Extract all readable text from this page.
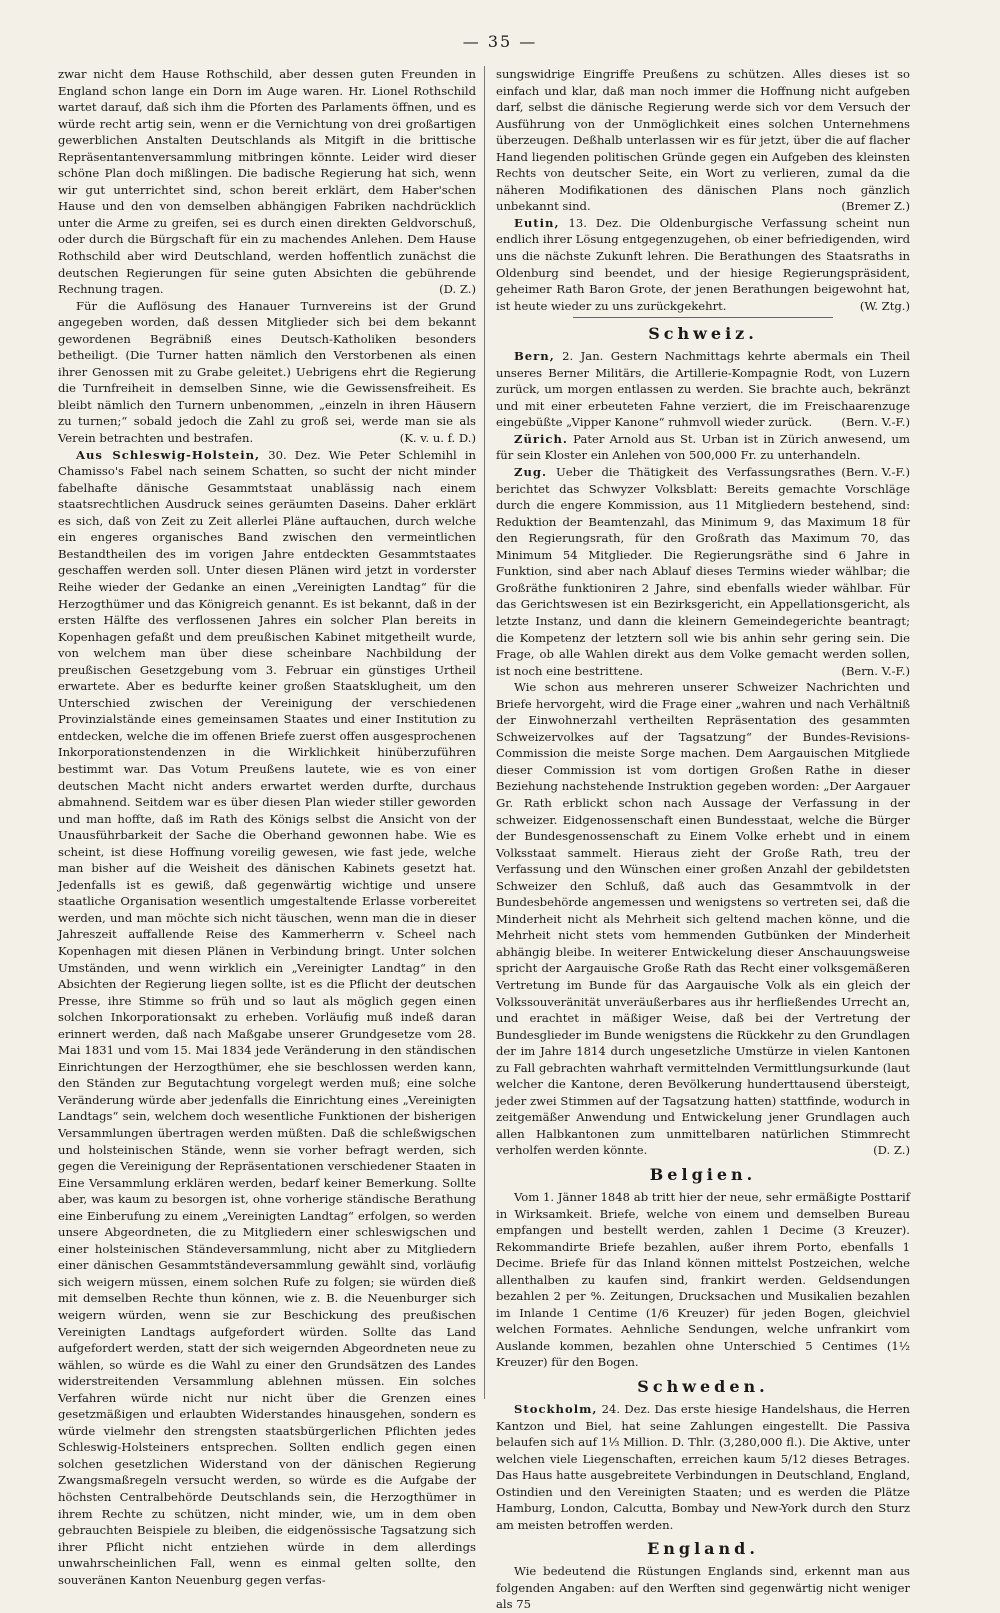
— 35 —

zwar nicht dem Hause Rothschild, aber dessen guten Freunden in England schon lange ein Dorn im Auge waren. Hr. Lionel Rothschild wartet darauf, daß sich ihm die Pforten des Parlaments öffnen, und es würde recht artig sein, wenn er die Vernichtung von drei großartigen gewerblichen Anstalten Deutschlands als Mitgift in die brittische Repräsentantenversammlung mitbringen könnte. Leider wird dieser schöne Plan doch mißlingen. Die badische Regierung hat sich, wenn wir gut unterrichtet sind, schon bereit erklärt, dem Haber'schen Hause und den von demselben abhängigen Fabriken nachdrücklich unter die Arme zu greifen, sei es durch einen direkten Geldvorschuß, oder durch die Bürgschaft für ein zu machendes Anlehen. Dem Hause Rothschild aber wird Deutschland, werden hoffentlich zunächst die deutschen Regierungen für seine guten Absichten die gebührende Rechnung tragen.	(D. Z.)

Für die Auflösung des Hanauer Turnvereins ist der Grund angegeben worden, daß dessen Mitglieder sich bei dem bekannt gewordenen Begräbniß eines Deutsch-Katholiken besonders betheiligt. (Die Turner hatten nämlich den Verstorbenen als einen ihrer Genossen mit zu Grabe geleitet.) Uebrigens ehrt die Regierung die Turnfreiheit in demselben Sinne, wie die Gewissensfreiheit. Es bleibt nämlich den Turnern unbenommen, „einzeln in ihren Häusern zu turnen;“ sobald jedoch die Zahl zu groß sei, werde man sie als Verein betrachten und bestrafen.	(K. v. u. f. D.)

Aus Schleswig-Holstein, 30. Dez. Wie Peter Schlemihl in Chamisso's Fabel nach seinem Schatten, so sucht der nicht minder fabelhafte dänische Gesammtstaat unablässig nach einem staatsrechtlichen Ausdruck seines geräumten Daseins. Daher erklärt es sich, daß von Zeit zu Zeit allerlei Pläne auftauchen, durch welche ein engeres organisches Band zwischen den vermeintlichen Bestandtheilen des im vorigen Jahre entdeckten Gesammtstaates geschaffen werden soll. Unter diesen Plänen wird jetzt in vorderster Reihe wieder der Gedanke an einen „Vereinigten Landtag“ für die Herzogthümer und das Königreich genannt. Es ist bekannt, daß in der ersten Hälfte des verflossenen Jahres ein solcher Plan bereits in Kopenhagen gefaßt und dem preußischen Kabinet mitgetheilt wurde, von welchem man über diese scheinbare Nachbildung der preußischen Gesetzgebung vom 3. Februar ein günstiges Urtheil erwartete. Aber es bedurfte keiner großen Staatsklugheit, um den Unterschied zwischen der Vereinigung der verschiedenen Provinzialstände eines gemeinsamen Staates und einer Institution zu entdecken, welche die im offenen Briefe zuerst offen ausgesprochenen Inkorporationstendenzen in die Wirklichkeit hinüberzuführen bestimmt war. Das Votum Preußens lautete, wie es von einer deutschen Macht nicht anders erwartet werden durfte, durchaus abmahnend. Seitdem war es über diesen Plan wieder stiller geworden und man hoffte, daß im Rath des Königs selbst die Ansicht von der Unausführbarkeit der Sache die Oberhand gewonnen habe. Wie es scheint, ist diese Hoffnung voreilig gewesen, wie fast jede, welche man bisher auf die Weisheit des dänischen Kabinets gesetzt hat. Jedenfalls ist es gewiß, daß gegenwärtig wichtige und unsere staatliche Organisation wesentlich umgestaltende Erlasse vorbereitet werden, und man möchte sich nicht täuschen, wenn man die in dieser Jahreszeit auffallende Reise des Kammerherrn v. Scheel nach Kopenhagen mit diesen Plänen in Verbindung bringt. Unter solchen Umständen, und wenn wirklich ein „Vereinigter Landtag“ in den Absichten der Regierung liegen sollte, ist es die Pflicht der deutschen Presse, ihre Stimme so früh und so laut als möglich gegen einen solchen Inkorporationsakt zu erheben. Vorläufig muß indeß daran erinnert werden, daß nach Maßgabe unserer Grundgesetze vom 28. Mai 1831 und vom 15. Mai 1834 jede Veränderung in den ständischen Einrichtungen der Herzogthümer, ehe sie beschlossen werden kann, den Ständen zur Begutachtung vorgelegt werden muß; eine solche Veränderung würde aber jedenfalls die Einrichtung eines „Vereinigten Landtags“ sein, welchem doch wesentliche Funktionen der bisherigen Versammlungen übertragen werden müßten. Daß die schleßwigschen und holsteinischen Stände, wenn sie vorher befragt werden, sich gegen die Vereinigung der Repräsentationen verschiedener Staaten in Eine Versammlung erklären werden, bedarf keiner Bemerkung. Sollte aber, was kaum zu besorgen ist, ohne vorherige ständische Berathung eine Einberufung zu einem „Vereinigten Landtag“ erfolgen, so werden unsere Abgeordneten, die zu Mitgliedern einer schleswigschen und einer holsteinischen Ständeversammlung, nicht aber zu Mitgliedern einer dänischen Gesammtständeversammlung gewählt sind, vorläufig sich weigern müssen, einem solchen Rufe zu folgen; sie würden dieß mit demselben Rechte thun können, wie z. B. die Neuenburger sich weigern würden, wenn sie zur Beschickung des preußischen Vereinigten Landtags aufgefordert würden. Sollte das Land aufgefordert werden, statt der sich weigernden Abgeordneten neue zu wählen, so würde es die Wahl zu einer den Grundsätzen des Landes widerstreitenden Versammlung ablehnen müssen. Ein solches Verfahren würde nicht nur nicht über die Grenzen eines gesetzmäßigen und erlaubten Widerstandes hinausgehen, sondern es würde vielmehr den strengsten staatsbürgerlichen Pflichten jedes Schleswig-Holsteiners entsprechen. Sollten endlich gegen einen solchen gesetzlichen Widerstand von der dänischen Regierung Zwangsmaßregeln versucht werden, so würde es die Aufgabe der höchsten Centralbehörde Deutschlands sein, die Herzogthümer in ihrem Rechte zu schützen, nicht minder, wie, um in dem oben gebrauchten Beispiele zu bleiben, die eidgenössische Tagsatzung sich ihrer Pflicht nicht entziehen würde in dem allerdings unwahrscheinlichen Fall, wenn es einmal gelten sollte, den souveränen Kanton Neuenburg gegen verfas-

sungswidrige Eingriffe Preußens zu schützen. Alles dieses ist so einfach und klar, daß man noch immer die Hoffnung nicht aufgeben darf, selbst die dänische Regierung werde sich vor dem Versuch der Ausführung von der Unmöglichkeit eines solchen Unternehmens überzeugen. Deßhalb unterlassen wir es für jetzt, über die auf flacher Hand liegenden politischen Gründe gegen ein Aufgeben des kleinsten Rechts von deutscher Seite, ein Wort zu verlieren, zumal da die näheren Modifikationen des dänischen Plans noch gänzlich unbekannt sind.	(Bremer Z.)

Eutin, 13. Dez. Die Oldenburgische Verfassung scheint nun endlich ihrer Lösung entgegenzugehen, ob einer befriedigenden, wird uns die nächste Zukunft lehren. Die Berathungen des Staatsraths in Oldenburg sind beendet, und der hiesige Regierungspräsident, geheimer Rath Baron Grote, der jenen Berathungen beigewohnt hat, ist heute wieder zu uns zurückgekehrt.	(W. Ztg.)

Schweiz.

Bern, 2. Jan. Gestern Nachmittags kehrte abermals ein Theil unseres Berner Militärs, die Artillerie-Kompagnie Rodt, von Luzern zurück, um morgen entlassen zu werden. Sie brachte auch, bekränzt und mit einer erbeuteten Fahne verziert, die im Freischaarenzuge eingebüßte „Vipper Kanone“ ruhmvoll wieder zurück.	(Bern. V.-F.)

Zürich. Pater Arnold aus St. Urban ist in Zürich anwesend, um für sein Kloster ein Anlehen von 500,000 Fr. zu unterhandeln.
(Bern. V.-F.)

Zug. Ueber die Thätigkeit des Verfassungsrathes berichtet das Schwyzer Volksblatt: Bereits gemachte Vorschläge durch die engere Kommission, aus 11 Mitgliedern bestehend, sind: Reduktion der Beamtenzahl, das Minimum 9, das Maximum 18 für den Regierungsrath, für den Großrath das Maximum 70, das Minimum 54 Mitglieder. Die Regierungsräthe sind 6 Jahre in Funktion, sind aber nach Ablauf dieses Termins wieder wählbar; die Großräthe funktioniren 2 Jahre, sind ebenfalls wieder wählbar. Für das Gerichtswesen ist ein Bezirksgericht, ein Appellationsgericht, als letzte Instanz, und dann die kleinern Gemeindegerichte beantragt; die Kompetenz der letztern soll wie bis anhin sehr gering sein. Die Frage, ob alle Wahlen direkt aus dem Volke gemacht werden sollen, ist noch eine bestrittene.	(Bern. V.-F.)

Wie schon aus mehreren unserer Schweizer Nachrichten und Briefe hervorgeht, wird die Frage einer „wahren und nach Verhältniß der Einwohnerzahl vertheilten Repräsentation des gesammten Schweizervolkes auf der Tagsatzung“ der Bundes-Revisions-Commission die meiste Sorge machen. Dem Aargauischen Mitgliede dieser Commission ist vom dortigen Großen Rathe in dieser Beziehung nachstehende Instruktion gegeben worden: „Der Aargauer Gr. Rath erblickt schon nach Aussage der Verfassung in der schweizer. Eidgenossenschaft einen Bundesstaat, welche die Bürger der Bundesgenossenschaft zu Einem Volke erhebt und in einem Volksstaat sammelt. Hieraus zieht der Große Rath, treu der Verfassung und den Wünschen einer großen Anzahl der gebildetsten Schweizer den Schluß, daß auch das Gesammtvolk in der Bundesbehörde angemessen und wenigstens so vertreten sei, daß die Minderheit nicht als Mehrheit sich geltend machen könne, und die Mehrheit nicht stets vom hemmenden Gutbünken der Minderheit abhängig bleibe. In weiterer Entwickelung dieser Anschauungsweise spricht der Aargauische Große Rath das Recht einer volksgemäßeren Vertretung im Bunde für das Aargauische Volk als ein gleich der Volkssouveränität unveräußerbares aus ihr herfließendes Urrecht an, und erachtet in mäßiger Weise, daß bei der Vertretung der Bundesglieder im Bunde wenigstens die Rückkehr zu den Grundlagen der im Jahre 1814 durch ungesetzliche Umstürze in vielen Kantonen zu Fall gebrachten wahrhaft vermittelnden Vermittlungsurkunde (laut welcher die Kantone, deren Bevölkerung hunderttausend übersteigt, jeder zwei Stimmen auf der Tagsatzung hatten) stattfinde, wodurch in zeitgemäßer Anwendung und Entwickelung jener Grundlagen auch allen Halbkantonen zum unmittelbaren natürlichen Stimmrecht verholfen werden könnte.	(D. Z.)

Belgien.

Vom 1. Jänner 1848 ab tritt hier der neue, sehr ermäßigte Posttarif in Wirksamkeit. Briefe, welche von einem und demselben Bureau empfangen und bestellt werden, zahlen 1 Decime (3 Kreuzer). Rekommandirte Briefe bezahlen, außer ihrem Porto, ebenfalls 1 Decime. Briefe für das Inland können mittelst Postzeichen, welche allenthalben zu kaufen sind, frankirt werden. Geldsendungen bezahlen 2 per %. Zeitungen, Drucksachen und Musikalien bezahlen im Inlande 1 Centime (1/6 Kreuzer) für jeden Bogen, gleichviel welchen Formates. Aehnliche Sendungen, welche unfrankirt vom Auslande kommen, bezahlen ohne Unterschied 5 Centimes (1½ Kreuzer) für den Bogen.

Schweden.

Stockholm, 24. Dez. Das erste hiesige Handelshaus, die Herren Kantzon und Biel, hat seine Zahlungen eingestellt. Die Passiva belaufen sich auf 1⅓ Million. D. Thlr. (3,280,000 fl.). Die Aktive, unter welchen viele Liegenschaften, erreichen kaum 5/12 dieses Betrages. Das Haus hatte ausgebreitete Verbindungen in Deutschland, England, Ostindien und den Vereinigten Staaten; und es werden die Plätze Hamburg, London, Calcutta, Bombay und New-York durch den Sturz am meisten betroffen werden.

England.

Wie bedeutend die Rüstungen Englands sind, erkennt man aus folgenden Angaben: auf den Werften sind gegenwärtig nicht weniger als 75
